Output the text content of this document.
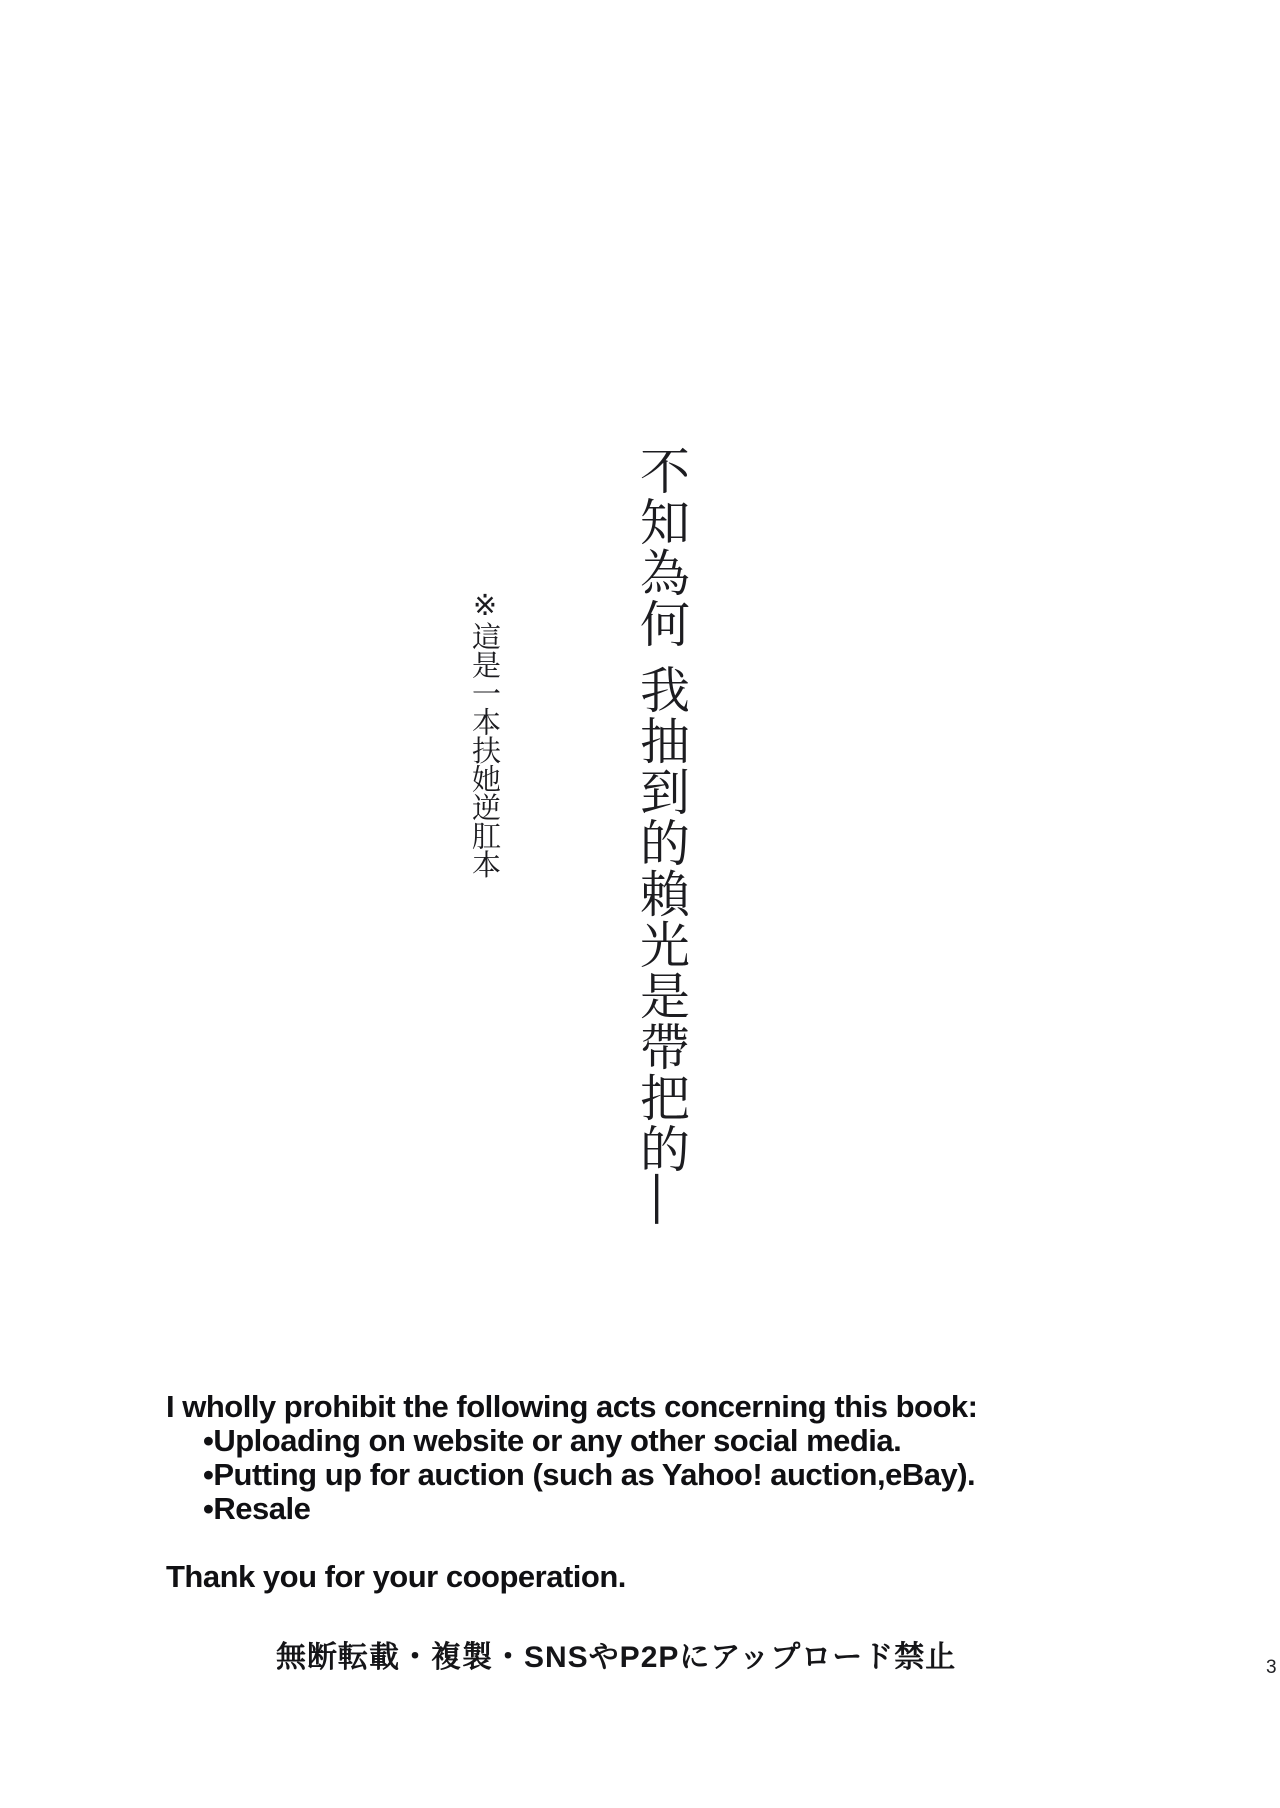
不知為何 我抽到的賴光是帶把的—
※這是一本扶她逆肛本
I wholly prohibit the following acts concerning this book:
•Uploading on website or any other social media.
•Putting up for auction (such as Yahoo! auction,eBay).
•Resale
Thank you for your cooperation.
無断転載・複製・SNSやP2Pにアップロード禁止	3
